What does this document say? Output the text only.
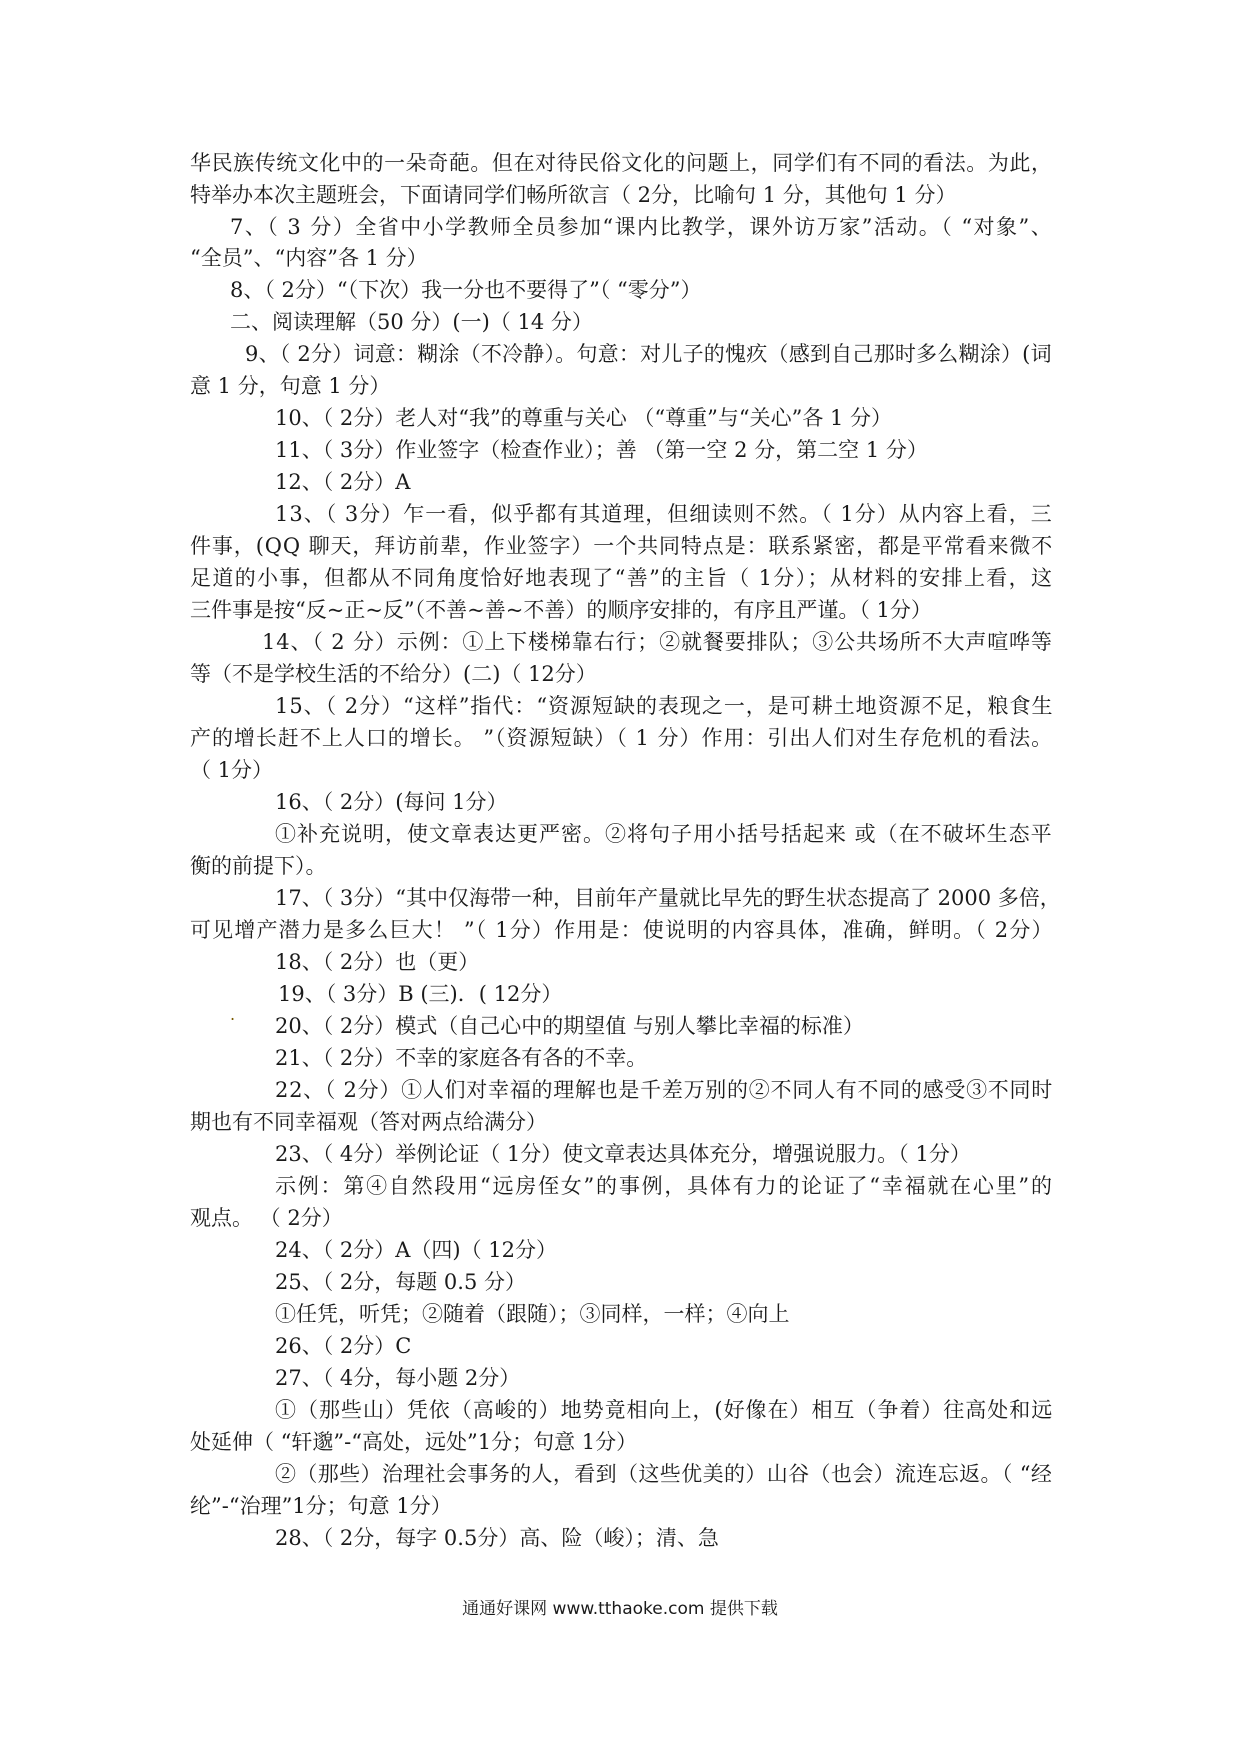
华民族传统文化中的一朵奇葩。但在对待民俗文化的问题上，同学们有不同的看法。为此，
特举办本次主题班会，下面请同学们畅所欲言（ 2分，比喻句 1 分，其他句 1 分）
7、（ 3 分）全省中小学教师全员参加“课内比教学，课外访万家”活动。（ “对象”、
“全员”、“内容”各 1 分）
8、（ 2分）“（下次）我一分也不要得了”（ “零分”）
二、阅读理解（50 分）(一)（ 14 分）
9、（ 2分）词意：糊涂（不冷静）。句意：对儿子的愧疚（感到自己那时多么糊涂）(词
意 1 分，句意 1 分）
10、（ 2分）老人对“我”的尊重与关心 （“尊重”与“关心”各 1 分）
11、（ 3分）作业签字（检查作业）；善 （第一空 2 分，第二空 1 分）
12、（ 2分）A
13、（ 3分）乍一看，似乎都有其道理，但细读则不然。（ 1分）从内容上看，三
件事，(QQ 聊天，拜访前辈，作业签字）一个共同特点是：联系紧密，都是平常看来微不
足道的小事，但都从不同角度恰好地表现了“善”的主旨（ 1分）；从材料的安排上看，这
三件事是按“反~正~反”（不善~善~不善）的顺序安排的，有序且严谨。（ 1分）
14、（ 2 分）示例：①上下楼梯靠右行；②就餐要排队；③公共场所不大声喧哗等
等（不是学校生活的不给分）(二)（ 12分）
15、（ 2分）“这样”指代：“资源短缺的表现之一，是可耕土地资源不足，粮食生
产的增长赶不上人口的增长。 ”（资源短缺）（ 1 分）作用：引出人们对生存危机的看法。
（ 1分）
16、（ 2分）(每问 1分）
①补充说明，使文章表达更严密。②将句子用小括号括起来 或（在不破坏生态平
衡的前提下）。
17、（ 3分）“其中仅海带一种，目前年产量就比早先的野生状态提高了 2000 多倍，
可见增产潜力是多么巨大！ ”（ 1分）作用是：使说明的内容具体，准确，鲜明。（ 2分）
18、（ 2分）也（更）
19、（ 3分）B (三)．( 12分）
20、（ 2分）模式（自己心中的期望值 与别人攀比幸福的标准）
21、（ 2分）不幸的家庭各有各的不幸。
22、（ 2分）①人们对幸福的理解也是千差万别的②不同人有不同的感受③不同时
期也有不同幸福观（答对两点给满分）
23、（ 4分）举例论证（ 1分）使文章表达具体充分，增强说服力。（ 1分）
示例：第④自然段用“远房侄女”的事例，具体有力的论证了“幸福就在心里”的
观点。 （ 2分）
24、（ 2分）A（四)（ 12分）
25、（ 2分，每题 0.5 分）
①任凭，听凭；②随着（跟随）；③同样，一样；④向上
26、（ 2分）C
27、（ 4分，每小题 2分）
①（那些山）凭依（高峻的）地势竟相向上，(好像在）相互（争着）往高处和远
处延伸（ “轩邈”-“高处，远处”1分；句意 1分）
②（那些）治理社会事务的人，看到（这些优美的）山谷（也会）流连忘返。（ “经
纶”-“治理”1分；句意 1分）
28、（ 2分，每字 0.5分）高、险（峻）；清、急
.
通通好课网 www.tthaoke.com 提供下载
